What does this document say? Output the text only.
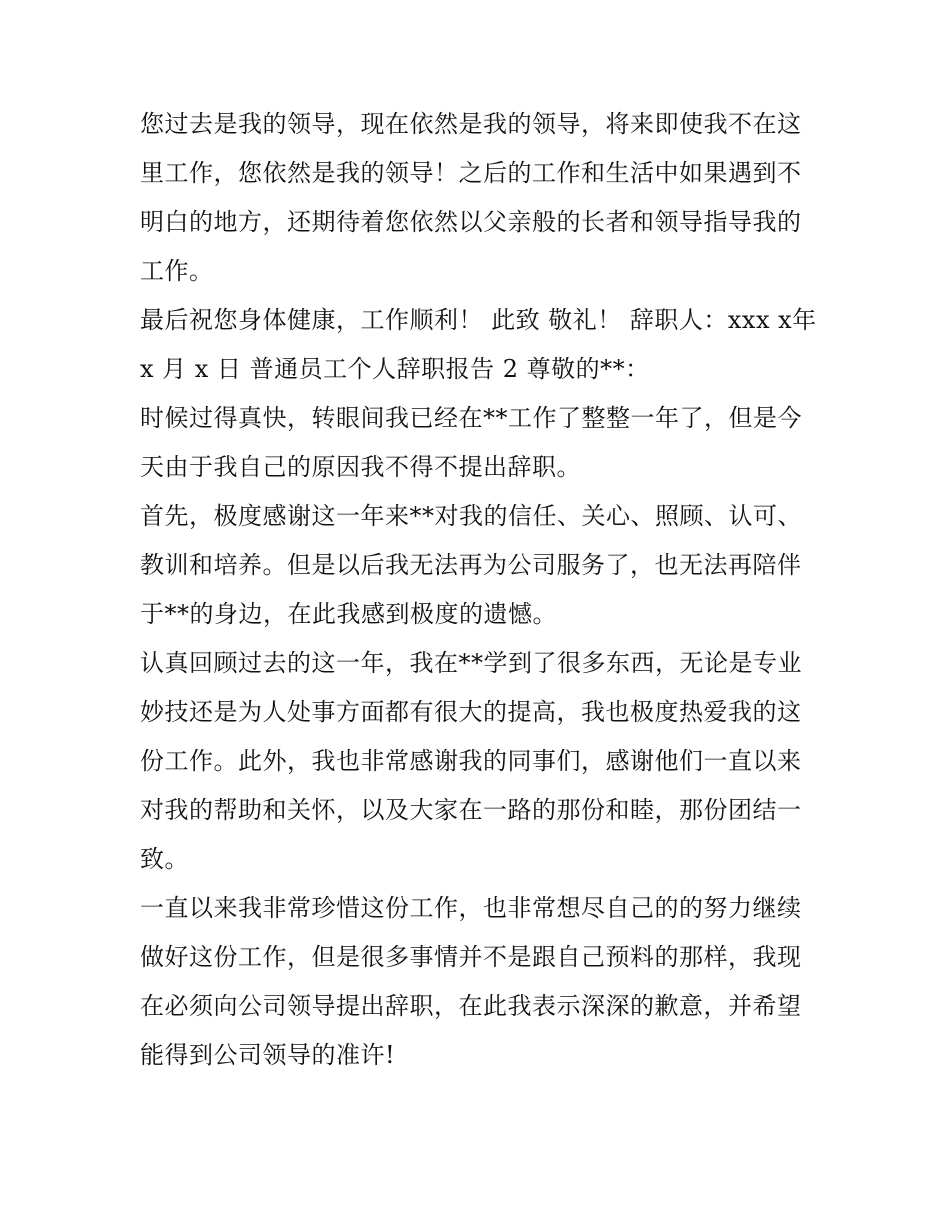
您过去是我的领导，现在依然是我的领导，将来即使我不在这里工作，您依然是我的领导！之后的工作和生活中如果遇到不明白的地方，还期待着您依然以父亲般的长者和领导指导我的工作。

最后祝您身体健康，工作顺利！ 此致 敬礼！ 辞职人：xxx x年 x 月 x 日 普通员工个人辞职报告 2 尊敬的**：

时候过得真快，转眼间我已经在**工作了整整一年了，但是今天由于我自己的原因我不得不提出辞职。

首先，极度感谢这一年来**对我的信任、关心、照顾、认可、教训和培养。但是以后我无法再为公司服务了，也无法再陪伴于**的身边，在此我感到极度的遗憾。

认真回顾过去的这一年，我在**学到了很多东西，无论是专业妙技还是为人处事方面都有很大的提高，我也极度热爱我的这份工作。此外，我也非常感谢我的同事们，感谢他们一直以来对我的帮助和关怀，以及大家在一路的那份和睦，那份团结一致。

一直以来我非常珍惜这份工作，也非常想尽自己的的努力继续做好这份工作，但是很多事情并不是跟自己预料的那样，我现在必须向公司领导提出辞职，在此我表示深深的歉意，并希望能得到公司领导的准许!
